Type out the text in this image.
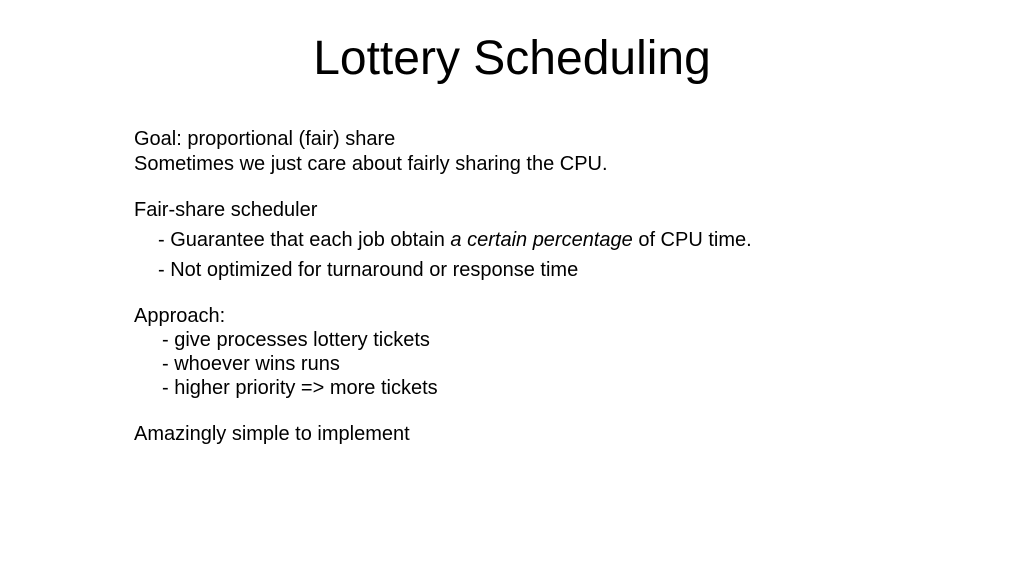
Lottery Scheduling

Goal: proportional (fair) share

Sometimes we just care about fairly sharing the CPU.

Fair-share scheduler

- Guarantee that each job obtain a certain percentage of CPU time.

- Not optimized for turnaround or response time

Approach:

- give processes lottery tickets

- whoever wins runs

- higher priority => more tickets

Amazingly simple to implement
